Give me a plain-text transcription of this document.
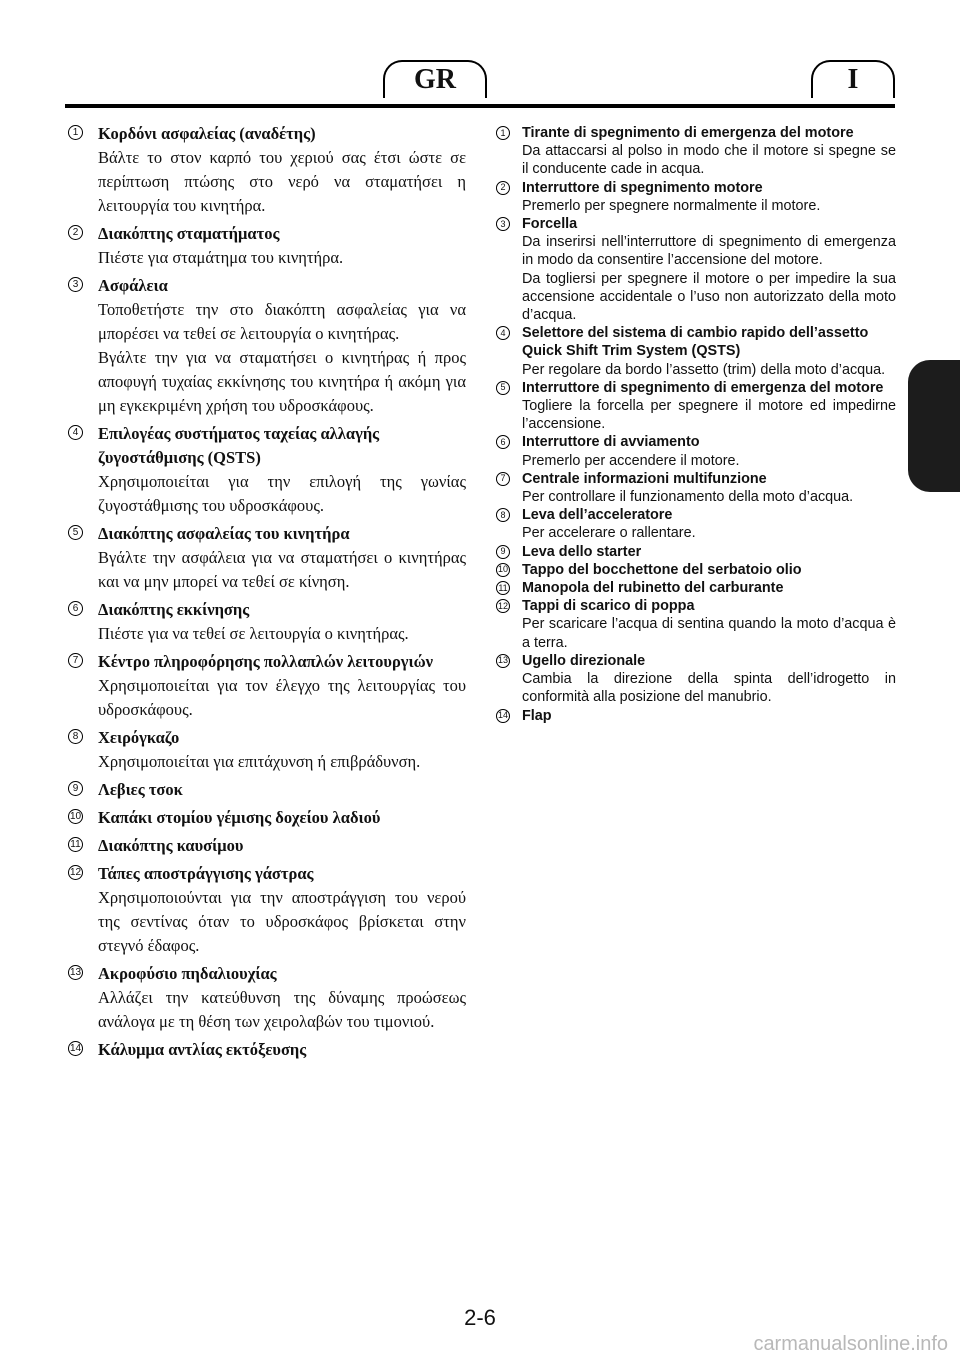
GR	I
1 Κορδόνι ασφαλείας (αναδέτης)

Βάλτε το στον καρπό του χεριού σας έτσι ώστε σε περίπτωση πτώσης στο νερό να σταματήσει η λειτουργία του κινητήρα.

2 Διακόπτης σταματήματος

Πιέστε για σταμάτημα του κινητήρα.

3 Ασφάλεια

Τοποθετήστε την στο διακόπτη ασφαλείας για να μπορέσει να τεθεί σε λειτουργία ο κινητήρας.

Βγάλτε την για να σταματήσει ο κινητήρας ή προς αποφυγή τυχαίας εκκίνησης του κινητήρα ή ακόμη για μη εγκεκριμένη χρήση του υδροσκάφους.

4 Επιλογέας συστήματος ταχείας αλλαγής ζυγοστάθμισης (QSTS)

Χρησιμοποιείται για την επιλογή της γωνίας ζυγοστάθμισης του υδροσκάφους.

5 Διακόπτης ασφαλείας του κινητήρα

Βγάλτε την ασφάλεια για να σταματήσει ο κινητήρας και να μην μπορεί να τεθεί σε κίνηση.

6 Διακόπτης εκκίνησης

Πιέστε για να τεθεί σε λειτουργία ο κινητήρας.

7 Κέντρο πληροφόρησης πολλαπλών λειτουργιών

Χρησιμοποιείται για τον έλεγχο της λειτουργίας του υδροσκάφους.

8 Χειρόγκαζο

Χρησιμοποιείται για επιτάχυνση ή επιβράδυνση.

9 Λεβιες τσοκ
10 Καπάκι στομίου γέμισης δοχείου λαδιού
11 Διακόπτης καυσίμου
12 Τάπες αποστράγγισης γάστρας

Χρησιμοποιούνται για την αποστράγγιση του νερού της σεντίνας όταν το υδροσκάφος βρίσκεται στην στεγνό έδαφος.

13 Ακροφύσιο πηδαλιουχίας

Αλλάζει την κατεύθυνση της δύναμης προώσεως ανάλογα με τη θέση των χειρολαβών του τιμονιού.

14 Κάλυμμα αντλίας εκτόξευσης
1	Tirante di spegnimento di emergenza del motore

Da attaccarsi al polso in modo che il motore si spegne se il conducente cade in acqua.

2	Interruttore di spegnimento motore

Premerlo per spegnere normalmente il motore.

3	Forcella

Da inserirsi nell’interruttore di spegnimento di emergenza in modo da consentire l’accensione del motore.

Da togliersi per spegnere il motore o per impedire la sua accensione accidentale o l’uso non autorizzato della moto d’acqua.

4	Selettore del sistema di cambio rapido dell’assetto Quick Shift Trim System (QSTS)

Per regolare da bordo l’assetto (trim) della moto d’acqua.

5	Interruttore di spegnimento di emergenza del motore

Togliere la forcella per spegnere il motore ed impedirne l’accensione.

6	Interruttore di avviamento

Premerlo per accendere il motore.

7	Centrale informazioni multifunzione

Per controllare il funzionamento della moto d’acqua.

8	Leva dell’acceleratore

Per accelerare o rallentare.

9	Leva dello starter
10 Tappo del bocchettone del serbatoio olio
11 Manopola del rubinetto del carburante
12 Tappi di scarico di poppa

Per scaricare l’acqua di sentina quando la moto d’acqua è a terra.

13 Ugello direzionale

Cambia la direzione della spinta dell’idrogetto in conformità alla posizione del manubrio.

14 Flap
2-6
carmanualsonline.info
